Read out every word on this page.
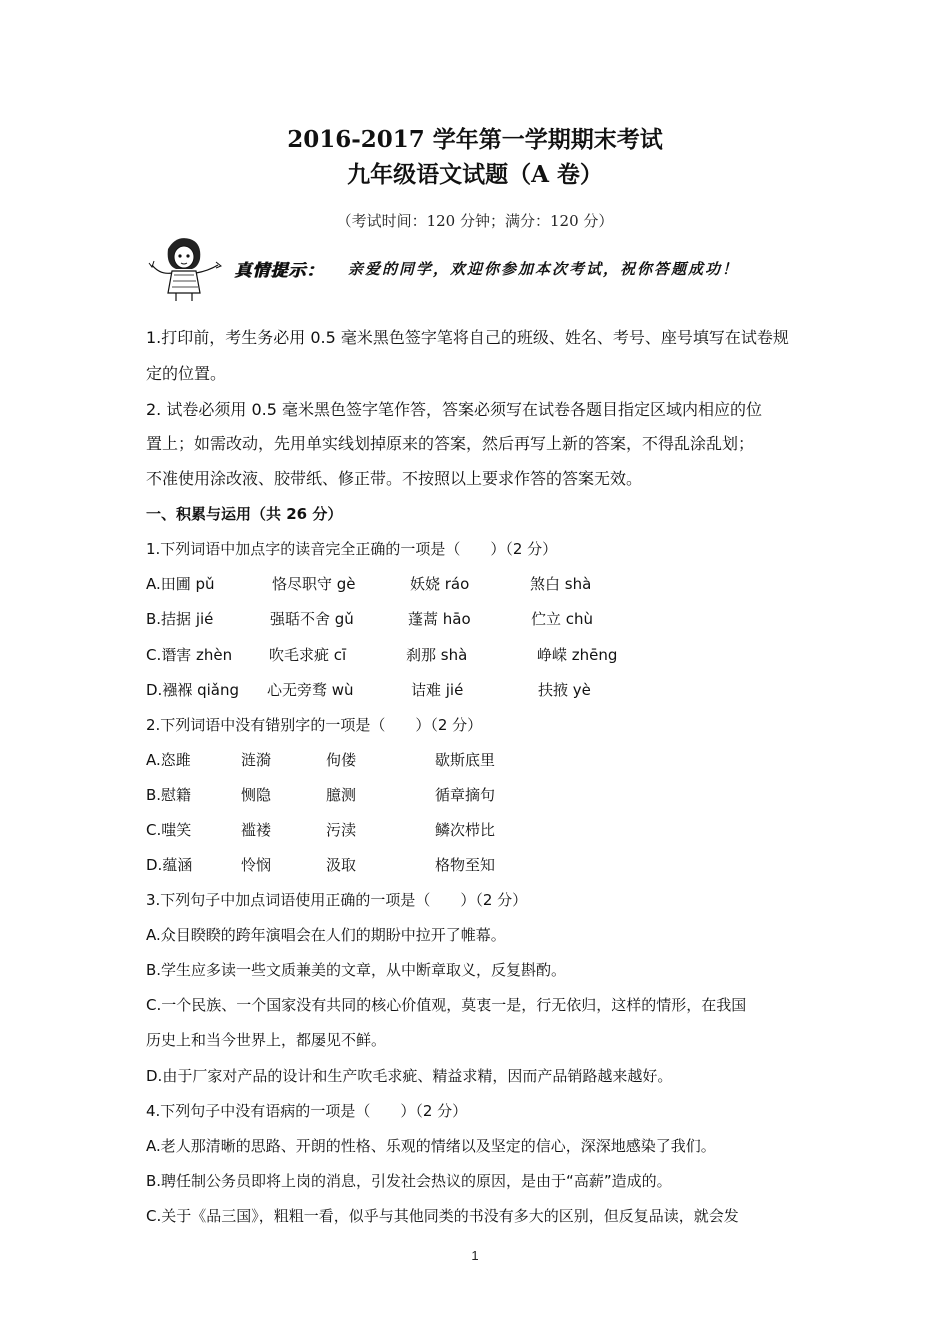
2016-2017 学年第一学期期末考试
九年级语文试题（A 卷）
（考试时间：120 分钟；满分：120 分）
真情提示： 亲爱的同学，欢迎你参加本次考试，祝你答题成功！
1.打印前，考生务必用 0.5 毫米黑色签字笔将自己的班级、姓名、考号、座号填写在试卷规
定的位置。
2. 试卷必须用 0.5 毫米黑色签字笔作答，答案必须写在试卷各题目指定区域内相应的位
置上；如需改动，先用单实线划掉原来的答案，然后再写上新的答案，不得乱涂乱划；
不准使用涂改液、胶带纸、修正带。不按照以上要求作答的答案无效。
一、积累与运用（共 26 分）
1.下列词语中加点字的读音完全正确的一项是（　　）（2 分）
A.田圃 pǔ	恪尽职守 gè	妖娆 ráo	煞白 shà
B.拮据 jié	强聒不舍 gǔ	蓬蒿 hāo	伫立 chù
C.谮害 zhèn 吹毛求疵 cī	刹那 shà	峥嵘 zhēng
D.襁褓 qiǎng 心无旁骛 wù	诘难 jié	扶掖 yè
2.下列词语中没有错别字的一项是（　　）（2 分）
A.恣雎	涟漪	佝偻	歇斯底里
B.慰籍	恻隐	臆测	循章摘句
C.嗤笑	褴褛	污渎	鳞次栉比
D.蕴涵	怜悯	汲取	格物至知
3.下列句子中加点词语使用正确的一项是（　　）（2 分）
A.众目睽睽的跨年演唱会在人们的期盼中拉开了帷幕。
B.学生应多读一些文质兼美的文章，从中断章取义，反复斟酌。
C.一个民族、一个国家没有共同的核心价值观，莫衷一是，行无依归，这样的情形，在我国
历史上和当今世界上，都屡见不鲜。
D.由于厂家对产品的设计和生产吹毛求疵、精益求精，因而产品销路越来越好。
4.下列句子中没有语病的一项是（　　）（2 分）
A.老人那清晰的思路、开朗的性格、乐观的情绪以及坚定的信心，深深地感染了我们。
B.聘任制公务员即将上岗的消息，引发社会热议的原因，是由于“高薪”造成的。
C.关于《品三国》，粗粗一看，似乎与其他同类的书没有多大的区别，但反复品读，就会发
1
